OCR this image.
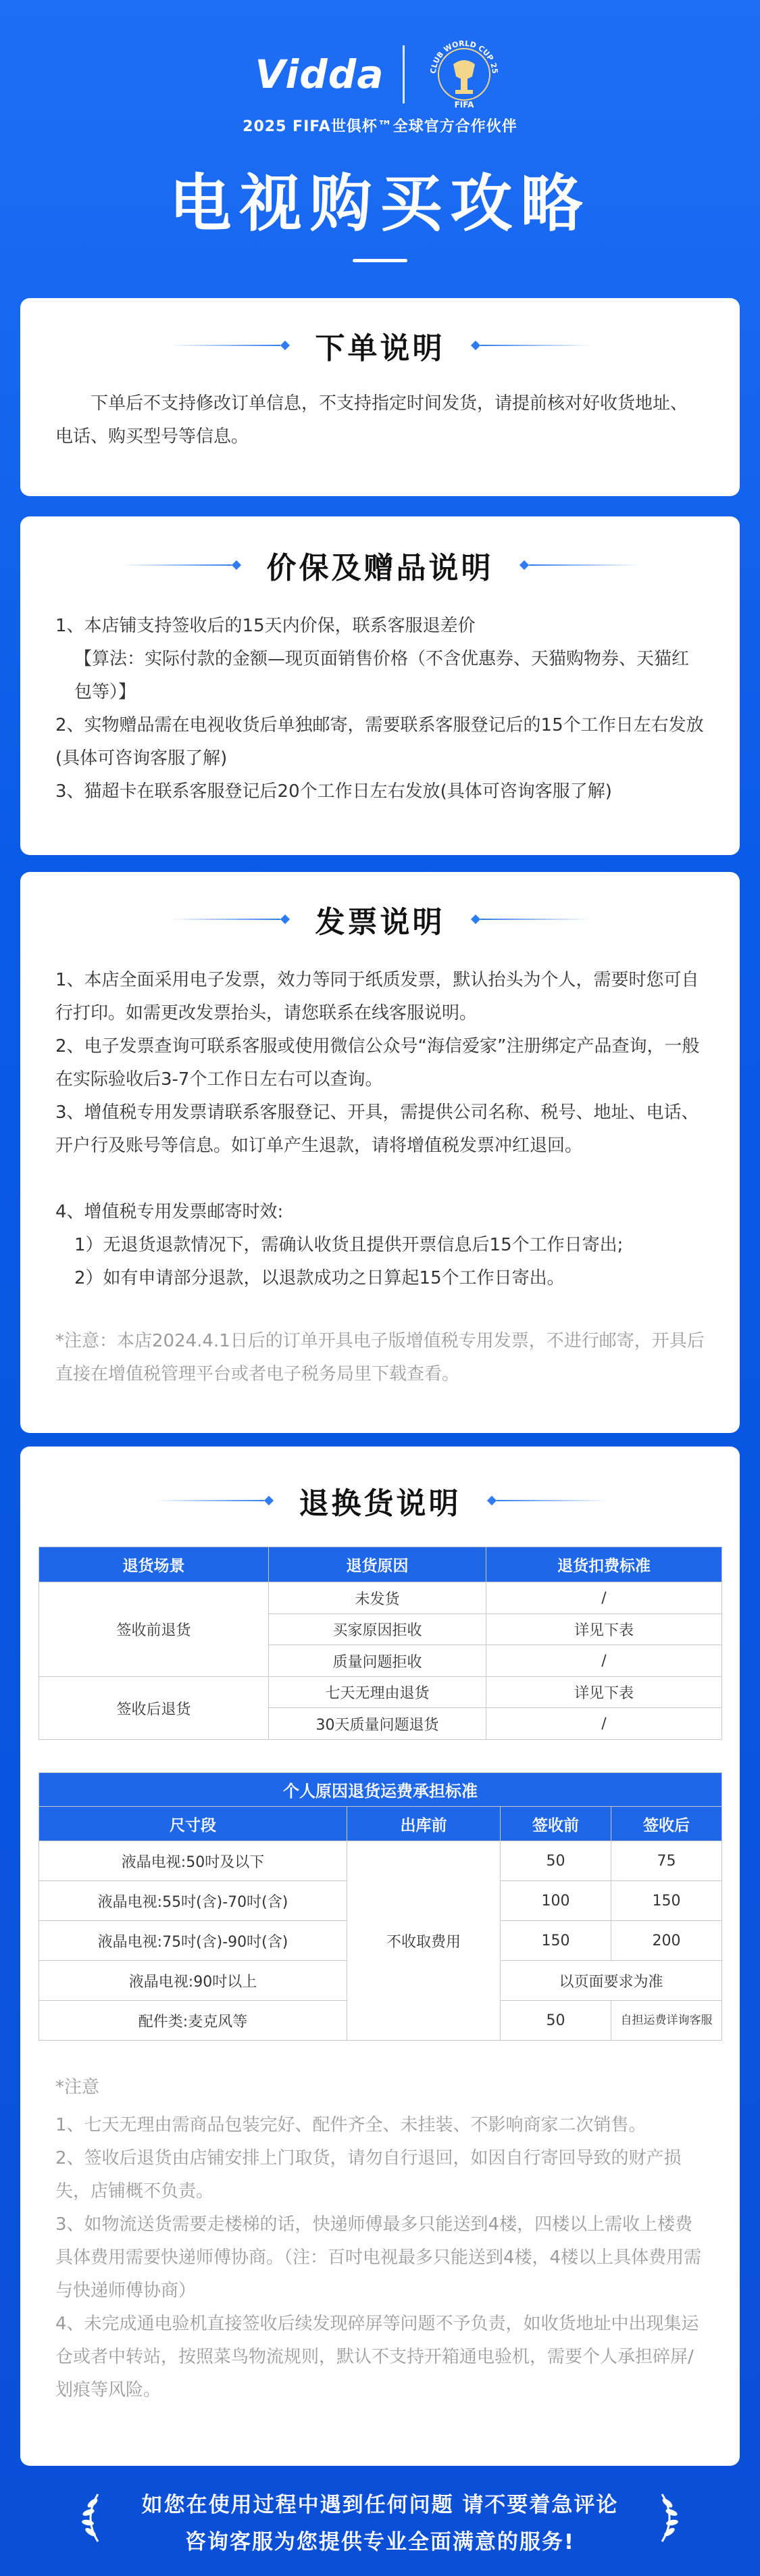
Vidda	CLUB WORLD CUP 25
FIFA
2025 FIFA世俱杯™全球官方合作伙伴
电视购买攻略
下单说明
下单后不支持修改订单信息，不支持指定时间发货，请提前核对好收货地址、电话、购买型号等信息。
价保及赠品说明
1、本店铺支持签收后的15天内价保，联系客服退差价
【算法：实际付款的金额—现页面销售价格（不含优惠券、天猫购物券、天猫红包等）】
2、实物赠品需在电视收货后单独邮寄，需要联系客服登记后的15个工作日左右发放(具体可咨询客服了解)
3、猫超卡在联系客服登记后20个工作日左右发放(具体可咨询客服了解)
发票说明
1、本店全面采用电子发票，效力等同于纸质发票，默认抬头为个人，需要时您可自行打印。如需更改发票抬头，请您联系在线客服说明。
2、电子发票查询可联系客服或使用微信公众号“海信爱家”注册绑定产品查询，一般在实际验收后3-7个工作日左右可以查询。
3、增值税专用发票请联系客服登记、开具，需提供公司名称、税号、地址、电话、开户行及账号等信息。如订单产生退款，请将增值税发票冲红退回。
4、增值税专用发票邮寄时效:
1）无退货退款情况下，需确认收货且提供开票信息后15个工作日寄出;
2）如有申请部分退款，以退款成功之日算起15个工作日寄出。
*注意：本店2024.4.1日后的订单开具电子版增值税专用发票，不进行邮寄，开具后直接在增值税管理平台或者电子税务局里下载查看。
退换货说明
退货场景	退货原因	退货扣费标准
签收前退货	未发货	/
	买家原因拒收	详见下表
	质量问题拒收	/
签收后退货	七天无理由退货	详见下表
	30天质量问题退货	/
个人原因退货运费承担标准			
尺寸段	出库前	签收前	签收后
液晶电视:50吋及以下	不收取费用	50	75
液晶电视:55吋(含)-70吋(含)		100	150
液晶电视:75吋(含)-90吋(含)		150	200
液晶电视:90吋以上		以页面要求为准	
配件类:麦克风等		50	自担运费详询客服
*注意
1、七天无理由需商品包装完好、配件齐全、未挂装、不影响商家二次销售。
2、签收后退货由店铺安排上门取货，请勿自行退回，如因自行寄回导致的财产损失，店铺概不负责。
3、如物流送货需要走楼梯的话，快递师傅最多只能送到4楼，四楼以上需收上楼费具体费用需要快递师傅协商。（注：百吋电视最多只能送到4楼，4楼以上具体费用需与快递师傅协商）
4、未完成通电验机直接签收后续发现碎屏等问题不予负责，如收货地址中出现集运仓或者中转站，按照菜鸟物流规则，默认不支持开箱通电验机，需要个人承担碎屏/划痕等风险。
如您在使用过程中遇到任何问题 请不要着急评论
咨询客服为您提供专业全面满意的服务!
